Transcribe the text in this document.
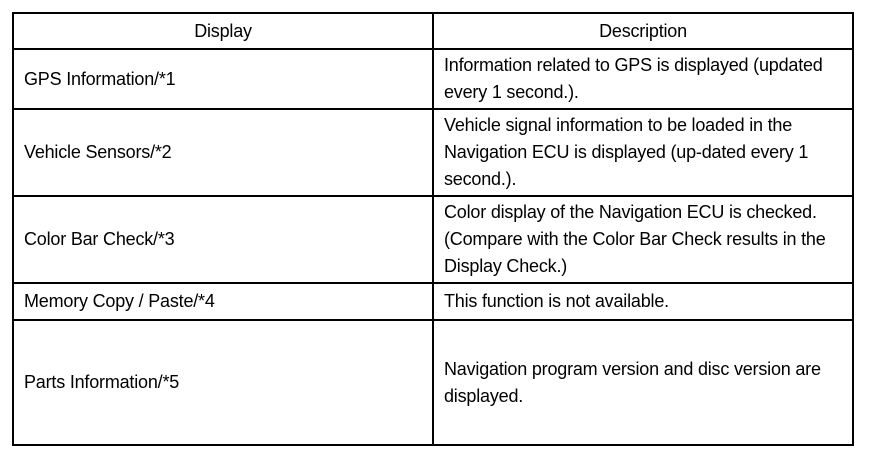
Display	Description
GPS Information/*1
Information related to GPS is displayed (updated every 1 second.).
Vehicle Sensors/*2
Vehicle signal information to be loaded in the Navigation ECU is displayed (up-dated every 1 second.).
Color Bar Check/*3
Color display of the Navigation ECU is checked. (Compare with the Color Bar Check results in the Display Check.)
Memory Copy / Paste/*4	This function is not available.
Parts Information/*5
Navigation program version and disc version are displayed.
